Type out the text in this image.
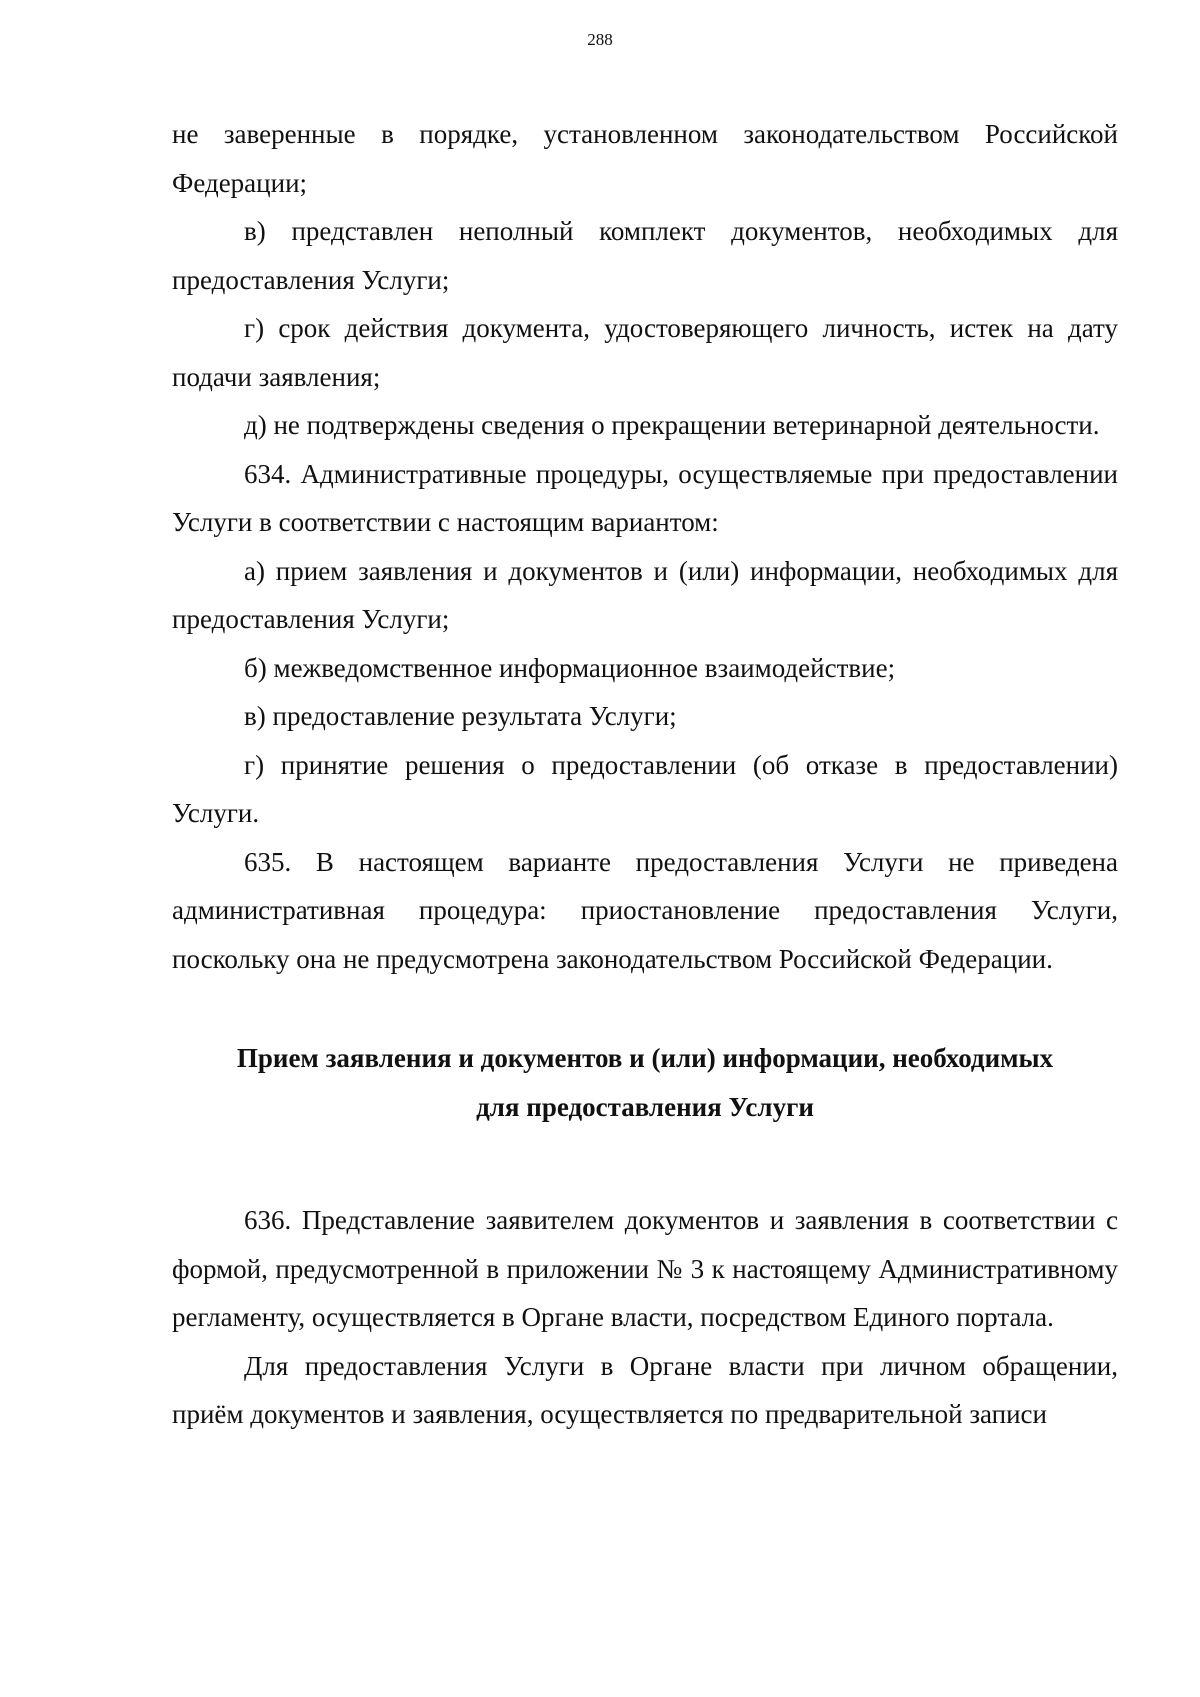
288

не заверенные в порядке, установленном законодательством Российской Федерации;

в) представлен неполный комплект документов, необходимых для предоставления Услуги;

г) срок действия документа, удостоверяющего личность, истек на дату подачи заявления;

д) не подтверждены сведения о прекращении ветеринарной деятельности.

634. Административные процедуры, осуществляемые при предоставлении Услуги в соответствии с настоящим вариантом:

а) прием заявления и документов и (или) информации, необходимых для предоставления Услуги;

б) межведомственное информационное взаимодействие;

в) предоставление результата Услуги;

г) принятие решения о предоставлении (об отказе в предоставлении) Услуги.

635. В настоящем варианте предоставления Услуги не приведена административная процедура: приостановление предоставления Услуги, поскольку она не предусмотрена законодательством Российской Федерации.

Прием заявления и документов и (или) информации, необходимых
для предоставления Услуги

636. Представление заявителем документов и заявления в соответствии с формой, предусмотренной в приложении № 3 к настоящему Административному регламенту, осуществляется в Органе власти, посредством Единого портала.

Для предоставления Услуги в Органе власти при личном обращении, приём документов и заявления, осуществляется по предварительной записи
